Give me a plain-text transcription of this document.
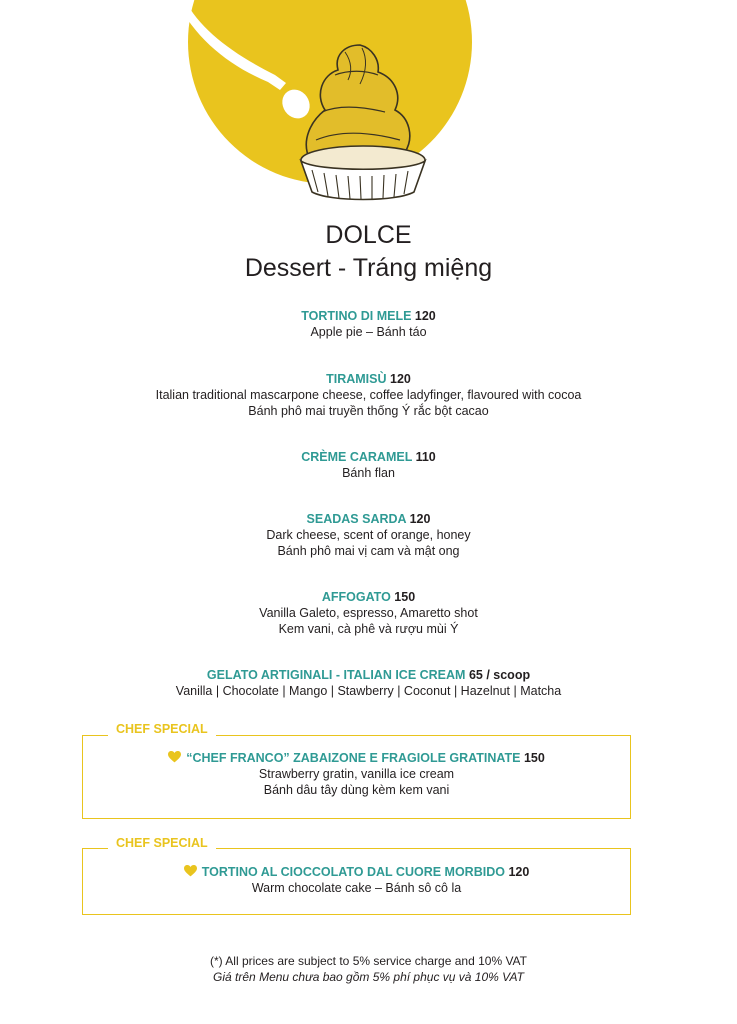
DOLCE
Dessert - Tráng miệng
TORTINO DI MELE 120
Apple pie – Bánh táo
TIRAMISÙ 120
Italian traditional mascarpone cheese, coffee ladyfinger, flavoured with cocoa
Bánh phô mai truyền thống Ý rắc bột cacao
CRÈME CARAMEL 110
Bánh flan
SEADAS SARDA 120
Dark cheese, scent of orange, honey
Bánh phô mai vị cam và mật ong
AFFOGATO 150
Vanilla Galeto, espresso, Amaretto shot
Kem vani, cà phê và rượu mùi Ý
GELATO ARTIGINALI - ITALIAN ICE CREAM 65 / scoop
Vanilla | Chocolate | Mango | Stawberry | Coconut | Hazelnut | Matcha
CHEF SPECIAL
“CHEF FRANCO” ZABAIZONE E FRAGIOLE GRATINATE 150
Strawberry gratin, vanilla ice cream
Bánh dâu tây dùng kèm kem vani
CHEF SPECIAL
TORTINO AL CIOCCOLATO DAL CUORE MORBIDO 120
Warm chocolate cake – Bánh sô cô la
(*) All prices are subject to 5% service charge and 10% VAT
Giá trên Menu chưa bao gồm 5% phí phục vụ và 10% VAT
